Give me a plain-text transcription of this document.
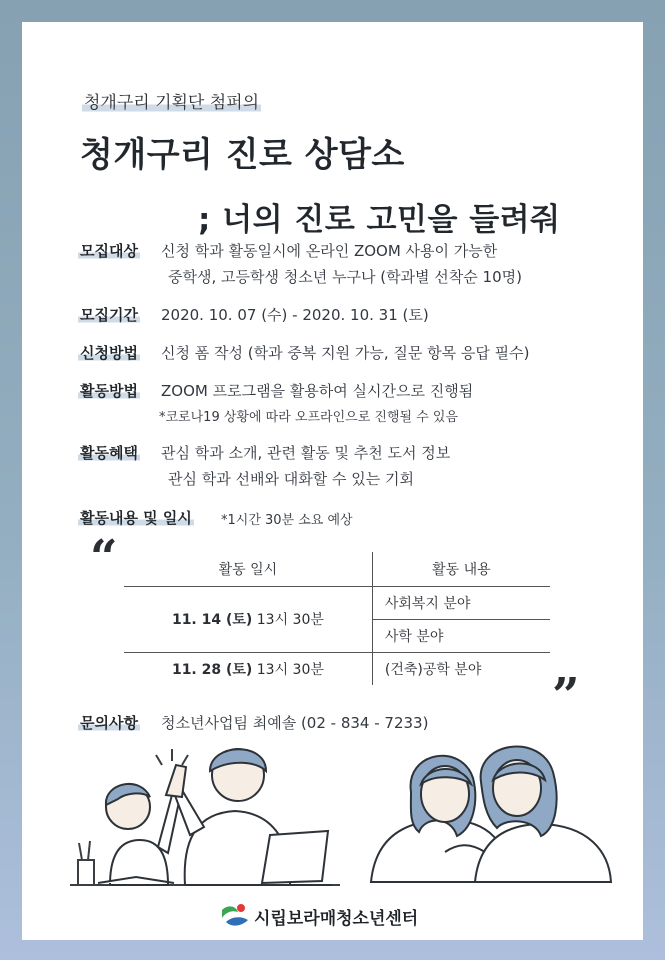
청개구리 기획단 첨퍼의
청개구리 진로 상담소
; 너의 진로 고민을 들려줘
모집대상 신청 학과 활동일시에 온라인 ZOOM 사용이 가능한
중학생, 고등학생 청소년 누구나 (학과별 선착순 10명)
모집기간 2020. 10. 07 (수) - 2020. 10. 31 (토)
신청방법 신청 폼 작성 (학과 중복 지원 가능, 질문 항목 응답 필수)
활동방법 ZOOM 프로그램을 활용하여 실시간으로 진행됨
*코로나19 상황에 따라 오프라인으로 진행될 수 있음
활동혜택 관심 학과 소개, 관련 활동 및 추천 도서 정보
관심 학과 선배와 대화할 수 있는 기회
활동내용 및 일시 *1시간 30분 소요 예상
“
”
활동 일시	활동 내용
11. 14 (토) 13시 30분	사회복지 분야
	사학 분야
11. 28 (토) 13시 30분	(건축)공학 분야
문의사항 청소년사업팀 최예솔 (02 - 834 - 7233)
시립보라매청소년센터
